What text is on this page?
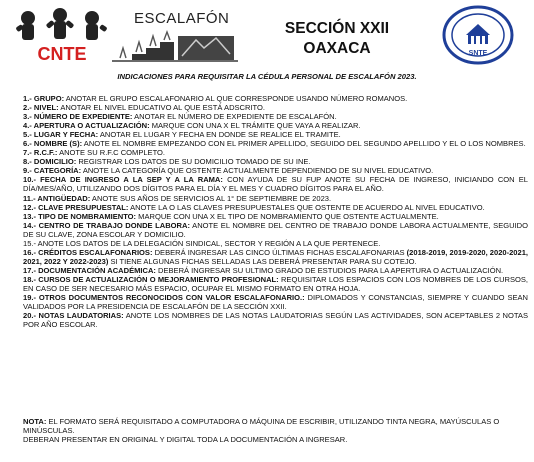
CNTE
ESCALAFÓN
SECCIÓN XXII
OAXACA	SNTE
INDICACIONES PARA REQUISITAR LA CÉDULA PERSONAL DE ESCALAFÓN 2023.

1.- GRUPO: ANOTAR EL GRUPO ESCALAFONARIO AL QUE CORRESPONDE USANDO NÚMERO ROMANOS.

2.- NIVEL: ANOTAR EL NIVEL EDUCATIVO AL QUE ESTÁ ADSCRITO.

3.- NÚMERO DE EXPEDIENTE: ANOTAR EL NÚMERO DE EXPEDIENTE DE ESCALAFÓN.

4.- APERTURA O ACTUALIZACIÓN: MARQUE CON UNA X EL TRÁMITE QUE VAYA A REALIZAR.

5.- LUGAR Y FECHA: ANOTAR EL LUGAR Y FECHA EN DONDE SE REALICE EL TRAMITE.

6.- NOMBRE (S): ANOTE EL NOMBRE EMPEZANDO CON EL PRIMER APELLIDO, SEGUIDO DEL SEGUNDO APELLIDO Y EL O LOS NOMBRES.

7.- R.C.F.: ANOTE SU R.F.C COMPLETO.

8.- DOMICILIO: REGISTRAR LOS DATOS DE SU DOMICILIO TOMADO DE SU INE.

9.- CATEGORÍA: ANOTE LA CATEGORÍA QUE OSTENTE ACTUALMENTE DEPENDIENDO DE SU NIVEL EDUCATIVO.

10.- FECHA DE INGRESO A LA SEP Y A LA RAMA: CON AYUDA DE SU FUP ANOTE SU FECHA DE INGRESO, INICIANDO CON EL DÍA/MES/AÑO, UTILIZANDO DOS DÍGITOS PARA EL DÍA Y EL MES Y CUADRO DÍGITOS PARA EL AÑO.

11.- ANTIGÜEDAD: ANOTE SUS AÑOS DE SERVICIOS AL 1° DE SEPTIEMBRE DE 2023.

12.- CLAVE PRESUPUESTAL: ANOTE LA O LAS CLAVES PRESUPUESTALES QUE OSTENTE DE ACUERDO AL NIVEL EDUCATIVO.

13.- TIPO DE NOMBRAMIENTO: MARQUE CON UNA X EL TIPO DE NOMBRAMIENTO QUE OSTENTE ACTUALMENTE.

14.- CENTRO DE TRABAJO DONDE LABORA: ANOTE EL NOMBRE DEL CENTRO DE TRABAJO DONDE LABORA ACTUALMENTE, SEGUIDO DE SU CLAVE, ZONA ESCOLAR Y DOMICILIO.

15.- ANOTE LOS DATOS DE LA DELEGACIÓN SINDICAL, SECTOR Y REGIÓN A LA QUE PERTENECE.

16.- CRÉDITOS ESCALAFONARIOS: DEBERÁ INGRESAR LAS CINCO ÚLTIMAS FICHAS ESCALAFONARIAS (2018-2019, 2019-2020, 2020-2021, 2021, 2022 Y 2022-2023) SI TIENE ALGUNAS FICHAS SELLADAS LAS DEBERÁ PRESENTAR PARA SU COTEJO.

17.- DOCUMENTACIÓN ACADÉMICA: DEBERÁ INGRESAR SU ULTIMO GRADO DE ESTUDIOS PARA LA APERTURA O ACTUALIZACIÓN.

18.- CURSOS DE ACTUALIZACIÓN O MEJORAMIENTO PROFESIONAL: REQUISITAR LOS ESPACIOS CON LOS NOMBRES DE LOS CURSOS, EN CASO DE SER NECESARIO MÁS ESPACIO, OCUPAR EL MISMO FORMATO EN OTRA HOJA.

19.- OTROS DOCUMENTOS RECONOCIDOS CON VALOR ESCALAFONARIO.: DIPLOMADOS Y CONSTANCIAS, SIEMPRE Y CUANDO SEAN VALIDADOS POR LA PRESIDENCIA DE ESCALAFÓN DE LA SECCIÓN XXII.

20.- NOTAS LAUDATORIAS: ANOTE LOS NOMBRES DE LAS NOTAS LAUDATORIAS SEGÚN LAS ACTIVIDADES, SON ACEPTABLES 2 NOTAS POR AÑO ESCOLAR.

NOTA: EL FORMATO SERÁ REQUISITADO A COMPUTADORA O MÁQUINA DE ESCRIBIR, UTILIZANDO TINTA NEGRA, MAYÚSCULAS O MINÚSCULAS.

DEBERAN PRESENTAR EN ORIGINAL Y DIGITAL TODA LA DOCUMENTACIÓN A INGRESAR.
